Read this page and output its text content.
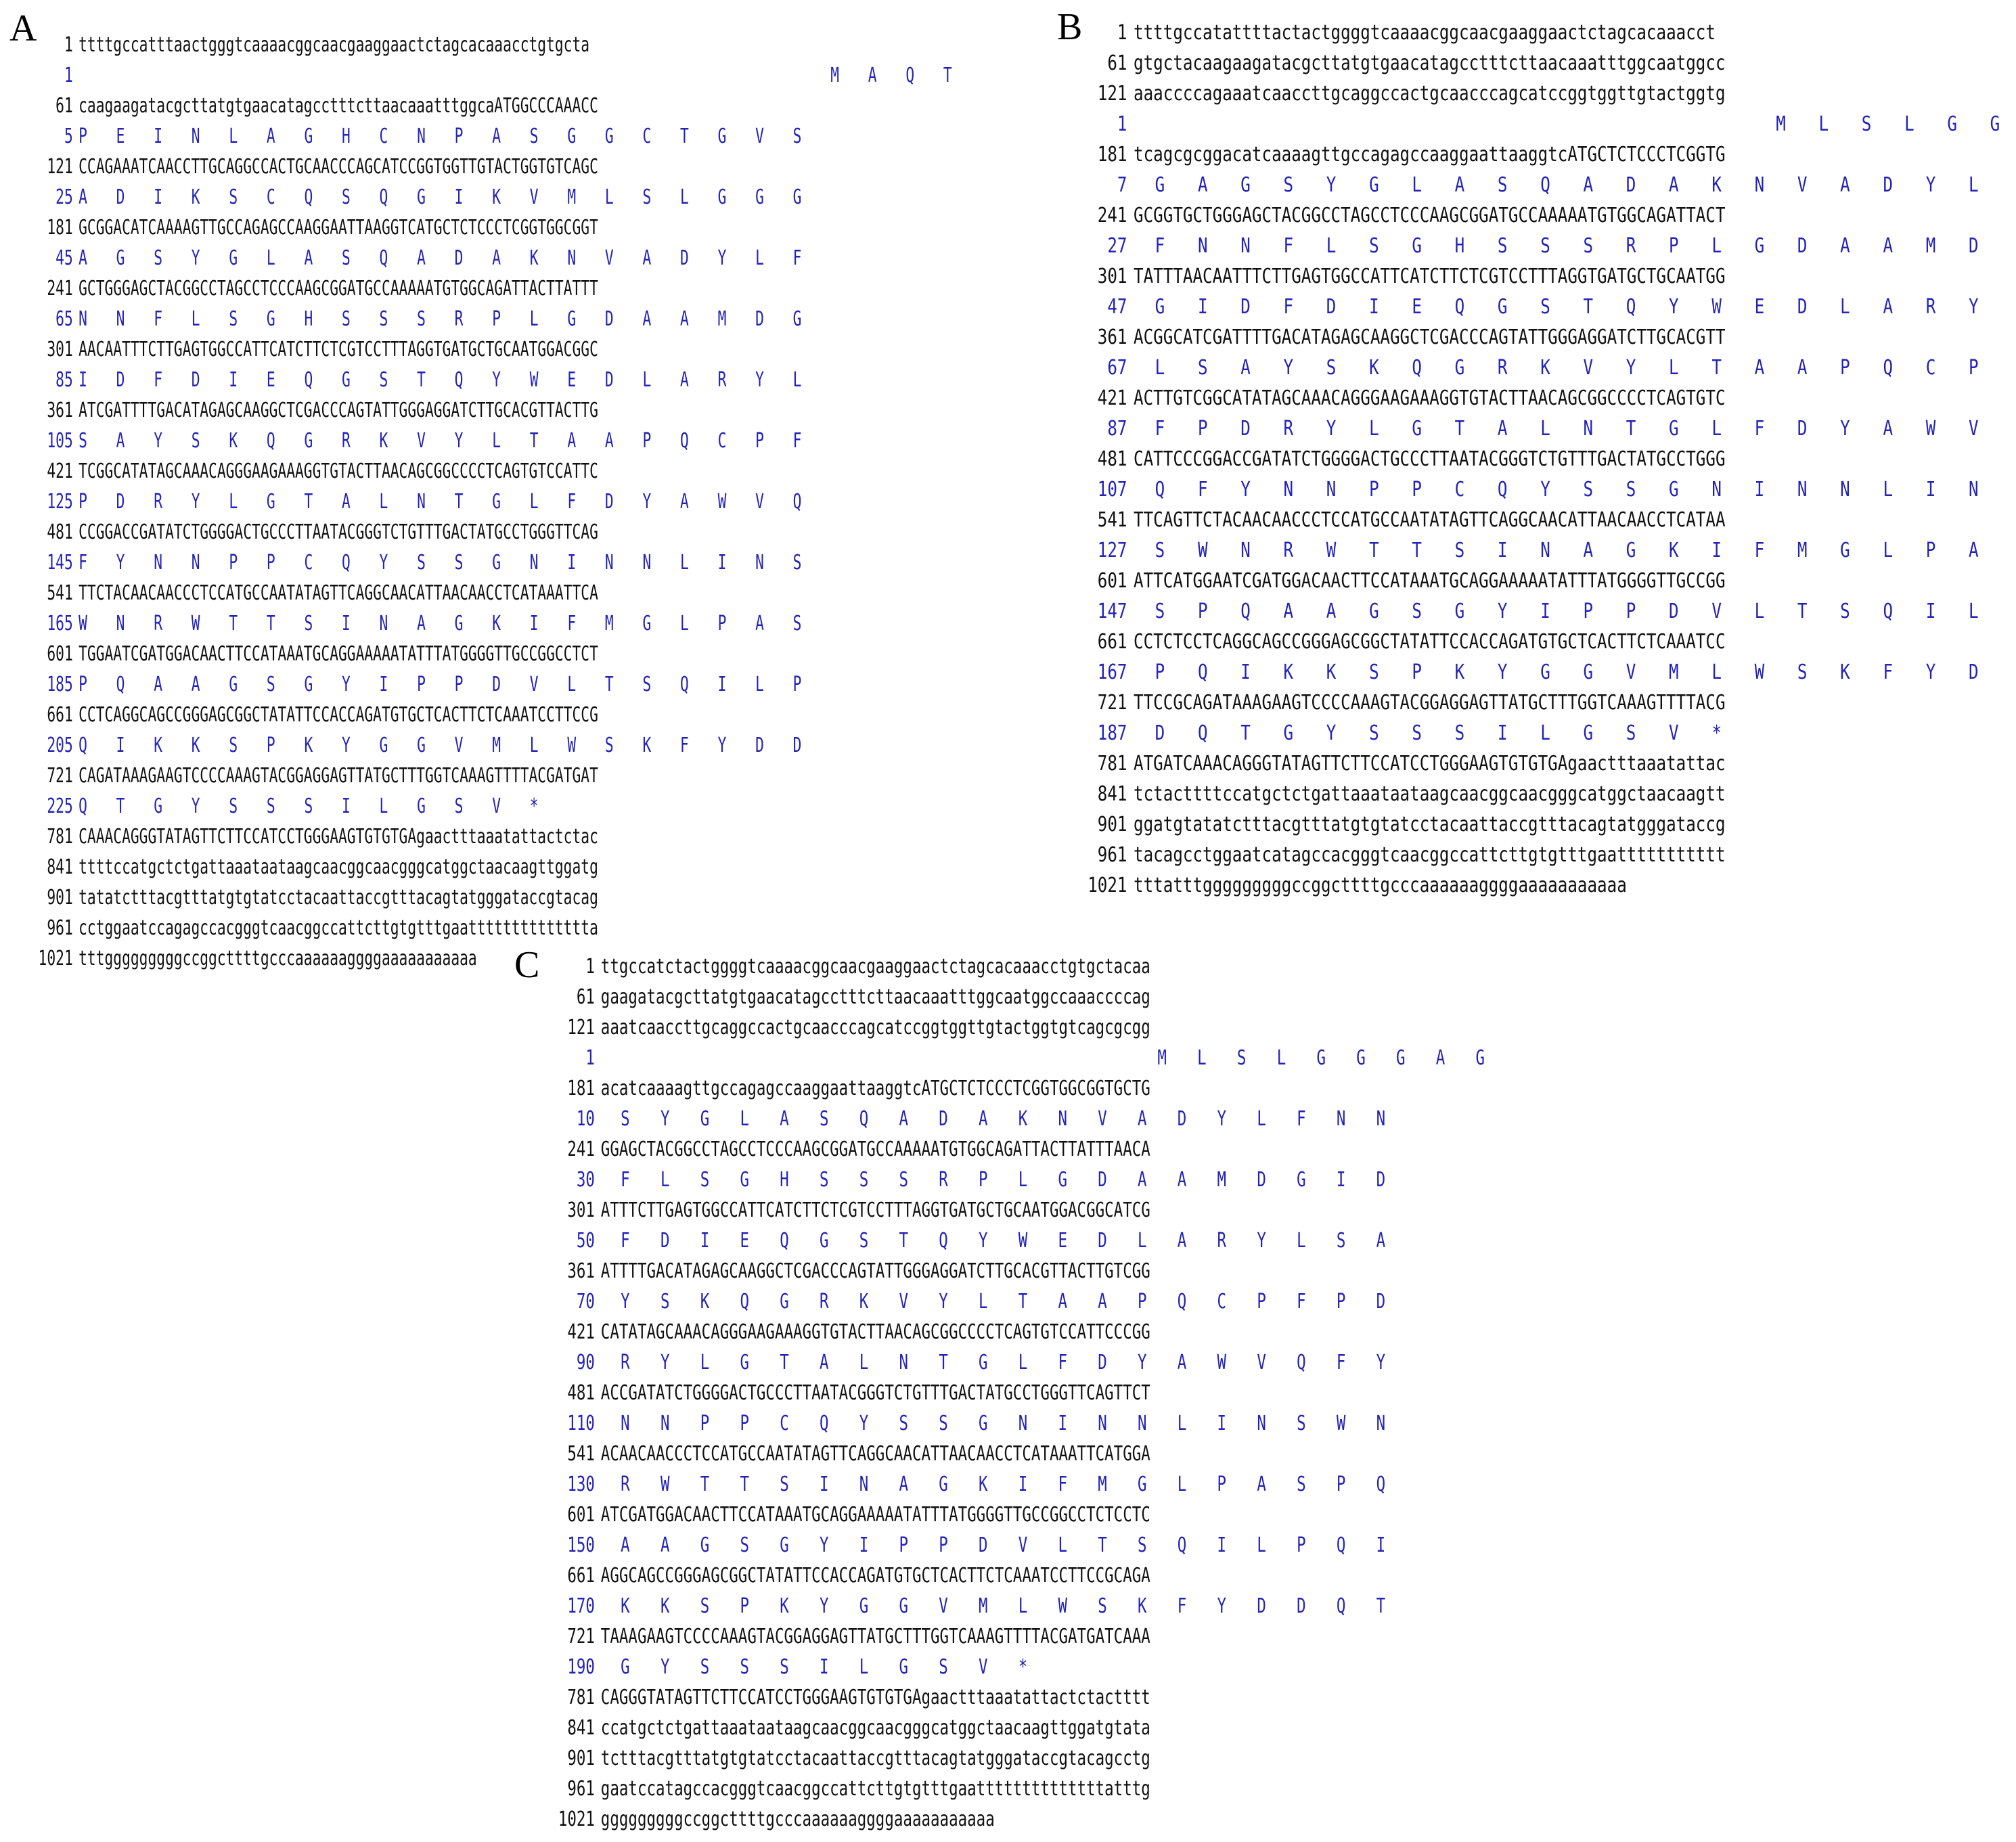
A	B
C
1 ttttgccatttaactgggtcaaaacggcaacgaaggaactctagcacaaacctgtgcta
1                                        M A Q T
61 caagaagatacgcttatgtgaacatagcctttcttaacaaatttggcaATGGCCCAAACC
5 P E I N L A G H C N P A S G G C T G V S
121 CCAGAAATCAACCTTGCAGGCCACTGCAACCCAGCATCCGGTGGTTGTACTGGTGTCAGC
25 A D I K S C Q S Q G I K V M L S L G G G
181 GCGGACATCAAAAGTTGCCAGAGCCAAGGAATTAAGGTCATGCTCTCCCTCGGTGGCGGT
45 A G S Y G L A S Q A D A K N V A D Y L F
241 GCTGGGAGCTACGGCCTAGCCTCCCAAGCGGATGCCAAAAATGTGGCAGATTACTTATTT
65 N N F L S G H S S S R P L G D A A M D G
301 AACAATTTCTTGAGTGGCCATTCATCTTCTCGTCCTTTAGGTGATGCTGCAATGGACGGC
85 I D F D I E Q G S T Q Y W E D L A R Y L
361 ATCGATTTTGACATAGAGCAAGGCTCGACCCAGTATTGGGAGGATCTTGCACGTTACTTG
105 S A Y S K Q G R K V Y L T A A P Q C P F
421 TCGGCATATAGCAAACAGGGAAGAAAGGTGTACTTAACAGCGGCCCCTCAGTGTCCATTC
125 P D R Y L G T A L N T G L F D Y A W V Q
481 CCGGACCGATATCTGGGGACTGCCCTTAATACGGGTCTGTTTGACTATGCCTGGGTTCAG
145 F Y N N P P C Q Y S S G N I N N L I N S
541 TTCTACAACAACCCTCCATGCCAATATAGTTCAGGCAACATTAACAACCTCATAAATTCA
165 W N R W T T S I N A G K I F M G L P A S
601 TGGAATCGATGGACAACTTCCATAAATGCAGGAAAAATATTTATGGGGTTGCCGGCCTCT
185 P Q A A G S G Y I P P D V L T S Q I L P
661 CCTCAGGCAGCCGGGAGCGGCTATATTCCACCAGATGTGCTCACTTCTCAAATCCTTCCG
205 Q I K K S P K Y G G V M L W S K F Y D D
721 CAGATAAAGAAGTCCCCAAAGTACGGAGGAGTTATGCTTTGGTCAAAGTTTTACGATGAT
225 Q T G Y S S S I L G S V *
781 CAAACAGGGTATAGTTCTTCCATCCTGGGAAGTGTGTGAgaactttaaatattactctac
841 ttttccatgctctgattaaataataagcaacggcaacgggcatggctaacaagttggatg
901 tatatctttacgtttatgtgtatcctacaattaccgtttacagtatgggataccgtacag
961 cctggaatccagagccacgggtcaacggccattcttgtgtttgaatttttttttttttta
1021 tttgggggggggccggcttttgcccaaaaaaggggaaaaaaaaaaa
1 ttttgccatattttactactggggtcaaaacggcaacgaaggaactctagcacaaacct
61 gtgctacaagaagatacgcttatgtgaacatagcctttcttaacaaatttggcaatggcc
121 aaaccccagaaatcaaccttgcaggccactgcaacccagcatccggtggttgtactggtg
1                              M L S L G G
181 tcagcgcggacatcaaaagttgccagagccaaggaattaaggtcATGCTCTCCCTCGGTG
7 G A G S Y G L A S Q A D A K N V A D Y L
241 GCGGTGCTGGGAGCTACGGCCTAGCCTCCCAAGCGGATGCCAAAAATGTGGCAGATTACT
27 F N N F L S G H S S S R P L G D A A M D
301 TATTTAACAATTTCTTGAGTGGCCATTCATCTTCTCGTCCTTTAGGTGATGCTGCAATGG
47 G I D F D I E Q G S T Q Y W E D L A R Y
361 ACGGCATCGATTTTGACATAGAGCAAGGCTCGACCCAGTATTGGGAGGATCTTGCACGTT
67 L S A Y S K Q G R K V Y L T A A P Q C P
421 ACTTGTCGGCATATAGCAAACAGGGAAGAAAGGTGTACTTAACAGCGGCCCCTCAGTGTC
87 F P D R Y L G T A L N T G L F D Y A W V
481 CATTCCCGGACCGATATCTGGGGACTGCCCTTAATACGGGTCTGTTTGACTATGCCTGGG
107 Q F Y N N P P C Q Y S S G N I N N L I N
541 TTCAGTTCTACAACAACCCTCCATGCCAATATAGTTCAGGCAACATTAACAACCTCATAA
127 S W N R W T T S I N A G K I F M G L P A
601 ATTCATGGAATCGATGGACAACTTCCATAAATGCAGGAAAAATATTTATGGGGTTGCCGG
147 S P Q A A G S G Y I P P D V L T S Q I L
661 CCTCTCCTCAGGCAGCCGGGAGCGGCTATATTCCACCAGATGTGCTCACTTCTCAAATCC
167 P Q I K K S P K Y G G V M L W S K F Y D
721 TTCCGCAGATAAAGAAGTCCCCAAAGTACGGAGGAGTTATGCTTTGGTCAAAGTTTTACG
187 D Q T G Y S S S I L G S V *
781 ATGATCAAACAGGGTATAGTTCTTCCATCCTGGGAAGTGTGTGAgaactttaaatattac
841 tctacttttccatgctctgattaaataataagcaacggcaacgggcatggctaacaagtt
901 ggatgtatatctttacgtttatgtgtatcctacaattaccgtttacagtatgggataccg
961 tacagcctggaatcatagccacgggtcaacggccattcttgtgtttgaattttttttttt
1021 tttatttgggggggggccggcttttgcccaaaaaaggggaaaaaaaaaaa
1 ttgccatctactggggtcaaaacggcaacgaaggaactctagcacaaacctgtgctacaa
61 gaagatacgcttatgtgaacatagcctttcttaacaaatttggcaatggccaaaccccag
121 aaatcaaccttgcaggccactgcaacccagcatccggtggttgtactggtgtcagcgcgg
1                            M L S L G G G A G
181 acatcaaaagttgccagagccaaggaattaaggtcATGCTCTCCCTCGGTGGCGGTGCTG
10 S Y G L A S Q A D A K N V A D Y L F N N
241 GGAGCTACGGCCTAGCCTCCCAAGCGGATGCCAAAAATGTGGCAGATTACTTATTTAACA
30 F L S G H S S S R P L G D A A M D G I D
301 ATTTCTTGAGTGGCCATTCATCTTCTCGTCCTTTAGGTGATGCTGCAATGGACGGCATCG
50 F D I E Q G S T Q Y W E D L A R Y L S A
361 ATTTTGACATAGAGCAAGGCTCGACCCAGTATTGGGAGGATCTTGCACGTTACTTGTCGG
70 Y S K Q G R K V Y L T A A P Q C P F P D
421 CATATAGCAAACAGGGAAGAAAGGTGTACTTAACAGCGGCCCCTCAGTGTCCATTCCCGG
90 R Y L G T A L N T G L F D Y A W V Q F Y
481 ACCGATATCTGGGGACTGCCCTTAATACGGGTCTGTTTGACTATGCCTGGGTTCAGTTCT
110 N N P P C Q Y S S G N I N N L I N S W N
541 ACAACAACCCTCCATGCCAATATAGTTCAGGCAACATTAACAACCTCATAAATTCATGGA
130 R W T T S I N A G K I F M G L P A S P Q
601 ATCGATGGACAACTTCCATAAATGCAGGAAAAATATTTATGGGGTTGCCGGCCTCTCCTC
150 A A G S G Y I P P D V L T S Q I L P Q I
661 AGGCAGCCGGGAGCGGCTATATTCCACCAGATGTGCTCACTTCTCAAATCCTTCCGCAGA
170 K K S P K Y G G V M L W S K F Y D D Q T
721 TAAAGAAGTCCCCAAAGTACGGAGGAGTTATGCTTTGGTCAAAGTTTTACGATGATCAAA
190 G Y S S S I L G S V *
781 CAGGGTATAGTTCTTCCATCCTGGGAAGTGTGTGAgaactttaaatattactctactttt
841 ccatgctctgattaaataataagcaacggcaacgggcatggctaacaagttggatgtata
901 tctttacgtttatgtgtatcctacaattaccgtttacagtatgggataccgtacagcctg
961 gaatccatagccacgggtcaacggccattcttgtgtttgaattttttttttttttatttg
1021 gggggggggccggcttttgcccaaaaaaggggaaaaaaaaaaa
